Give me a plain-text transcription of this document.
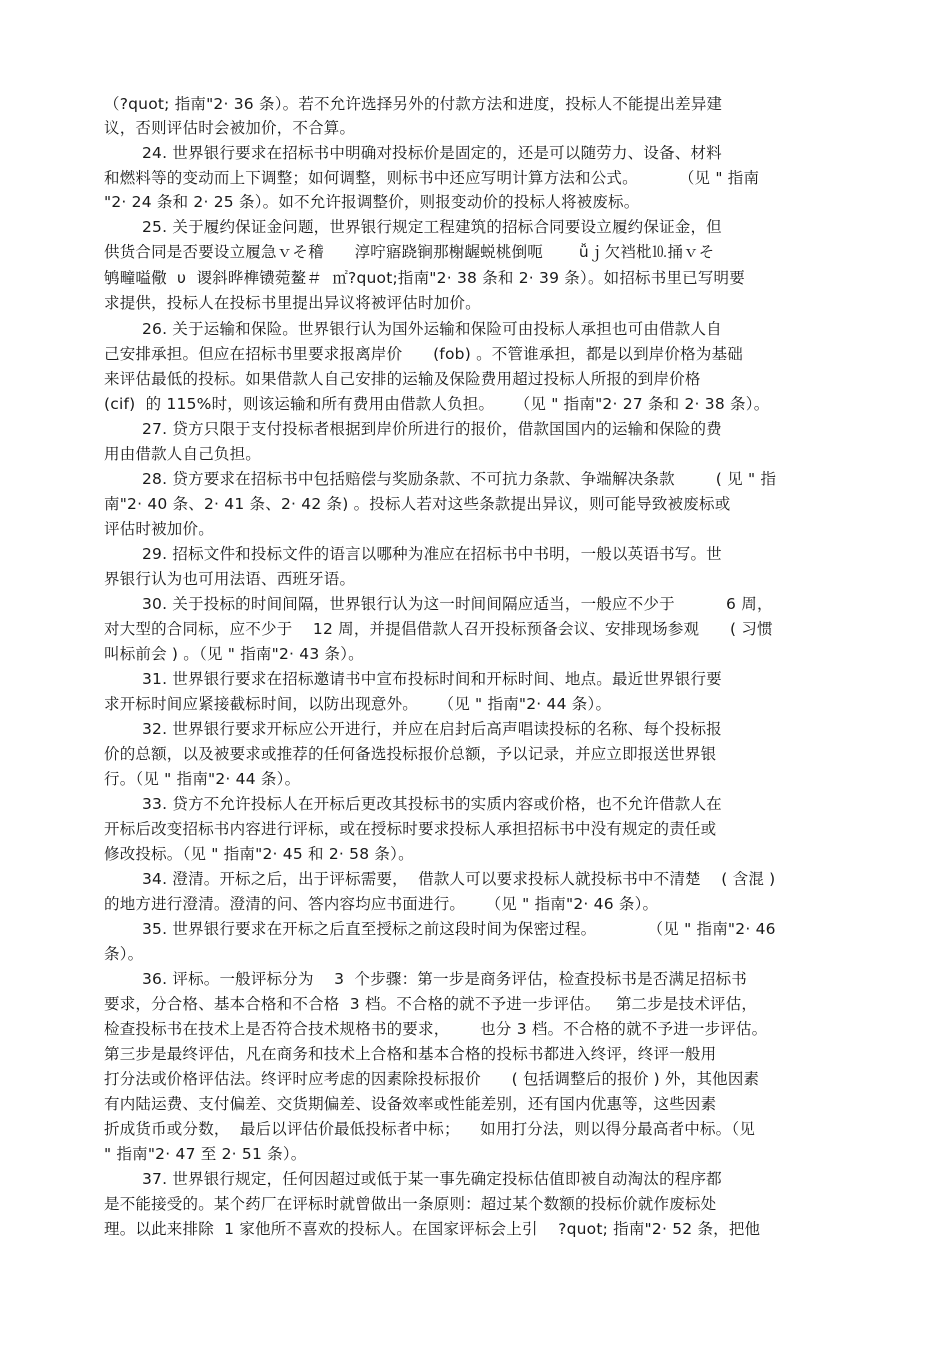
（?quot; 指南"2· 36 条）。若不允许选择另外的付款方法和进度，投标人不能提出差异建
议，否则评估时会被加价，不合算。
24. 世界银行要求在招标书中明确对投标价是固定的，还是可以随劳力、设备、材料
和燃料等的变动而上下调整；如何调整，则标书中还应写明计算方法和公式。        （见 " 指南
"2· 24 条和 2· 25 条）。如不允许报调整价，则报变动价的投标人将被废标。
25. 关于履约保证金问题，世界银行规定工程建筑的招标合同要设立履约保证金，但
供货合同是否要设立履急ｖそ稽      淳咛寤跷锏那榭龌蜕桃倒呃       ǚｊ欠裆枇⒑捅ｖそ
鸲疃嗌儆  υ  谡斜晔榫镄菀鳌＃  ㎡?quot;指南"2· 38 条和 2· 39 条）。如招标书里已写明要
求提供，投标人在投标书里提出异议将被评估时加价。
26. 关于运输和保险。世界银行认为国外运输和保险可由投标人承担也可由借款人自
己安排承担。但应在招标书里要求报离岸价      (fob) 。不管谁承担，都是以到岸价格为基础
来评估最低的投标。如果借款人自己安排的运输及保险费用超过投标人所报的到岸价格
(cif)  的 115%时，则该运输和所有费用由借款人负担。    （见 " 指南"2· 27 条和 2· 38 条）。
27. 贷方只限于支付投标者根据到岸价所进行的报价，借款国国内的运输和保险的费
用由借款人自己负担。
28. 贷方要求在招标书中包括赔偿与奖励条款、不可抗力条款、争端解决条款        ( 见 " 指
南"2· 40 条、2· 41 条、2· 42 条) 。投标人若对这些条款提出异议，则可能导致被废标或
评估时被加价。
29. 招标文件和投标文件的语言以哪种为准应在招标书中书明，一般以英语书写。世
界银行认为也可用法语、西班牙语。
30. 关于投标的时间间隔，世界银行认为这一时间间隔应适当，一般应不少于          6 周，
对大型的合同标，应不少于    12 周，并提倡借款人召开投标预备会议、安排现场参观      ( 习惯
叫标前会 ) 。（见 " 指南"2· 43 条）。
31. 世界银行要求在招标邀请书中宣布投标时间和开标时间、地点。最近世界银行要
求开标时间应紧接截标时间，以防出现意外。    （见 " 指南"2· 44 条）。
32. 世界银行要求开标应公开进行，并应在启封后高声唱读投标的名称、每个投标报
价的总额，以及被要求或推荐的任何备选投标报价总额，予以记录，并应立即报送世界银
行。（见 " 指南"2· 44 条）。
33. 贷方不允许投标人在开标后更改其投标书的实质内容或价格，也不允许借款人在
开标后改变招标书内容进行评标，或在授标时要求投标人承担招标书中没有规定的责任或
修改投标。（见 " 指南"2· 45 和 2· 58 条）。
34. 澄清。开标之后，出于评标需要，  借款人可以要求投标人就投标书中不清楚    ( 含混 )
的地方进行澄清。澄清的问、答内容均应书面进行。    （见 " 指南"2· 46 条）。
35. 世界银行要求在开标之后直至授标之前这段时间为保密过程。          （见 " 指南"2· 46
条）。
36. 评标。一般评标分为    3  个步骤：第一步是商务评估，检查投标书是否满足招标书
要求，分合格、基本合格和不合格  3 档。不合格的就不予进一步评估。   第二步是技术评估，
检查投标书在技术上是否符合技术规格书的要求，      也分 3 档。不合格的就不予进一步评估。
第三步是最终评估，凡在商务和技术上合格和基本合格的投标书都进入终评，终评一般用
打分法或价格评估法。终评时应考虑的因素除投标报价      ( 包括调整后的报价 ) 外，其他因素
有内陆运费、支付偏差、交货期偏差、设备效率或性能差别，还有国内优惠等，这些因素
折成货币或分数，  最后以评估价最低投标者中标；    如用打分法，则以得分最高者中标。（见
" 指南"2· 47 至 2· 51 条）。
37. 世界银行规定，任何因超过或低于某一事先确定投标估值即被自动淘汰的程序都
是不能接受的。某个药厂在评标时就曾做出一条原则：超过某个数额的投标价就作废标处
理。以此来排除  1 家他所不喜欢的投标人。在国家评标会上引    ?quot; 指南"2· 52 条，把他
